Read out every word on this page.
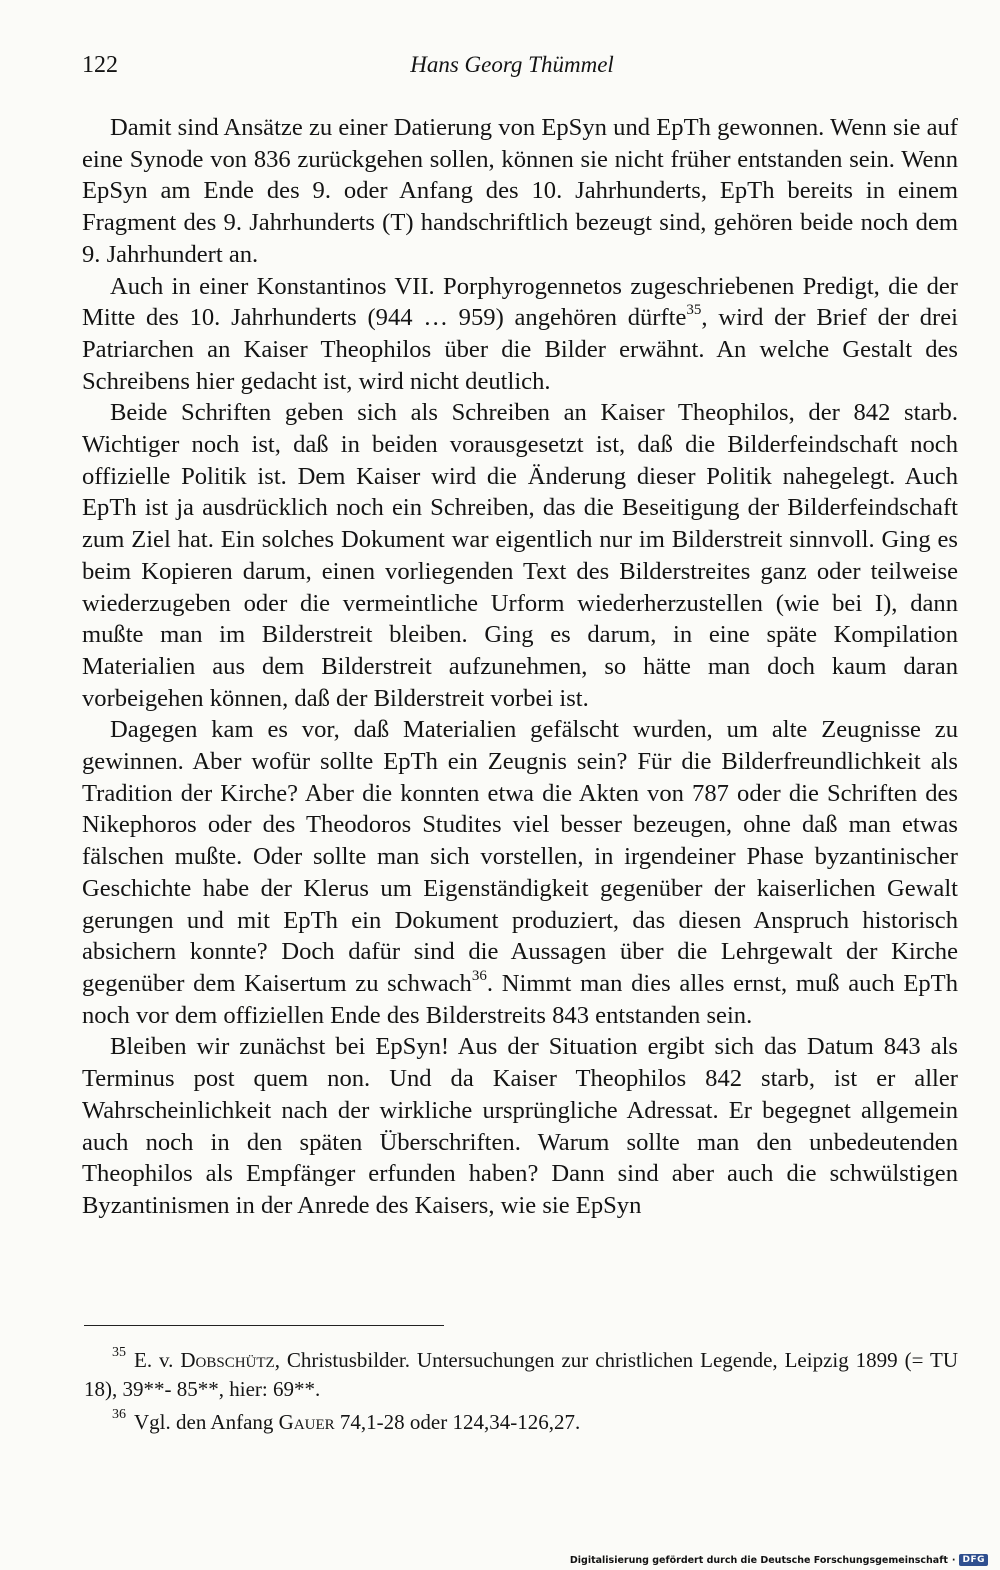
122	Hans Georg Thümmel

Damit sind Ansätze zu einer Datierung von EpSyn und EpTh gewonnen. Wenn sie auf eine Synode von 836 zurückgehen sollen, können sie nicht früher entstanden sein. Wenn EpSyn am Ende des 9. oder Anfang des 10. Jahrhunderts, EpTh bereits in einem Fragment des 9. Jahrhunderts (T) handschriftlich bezeugt sind, gehören beide noch dem 9. Jahrhundert an.

Auch in einer Konstantinos VII. Porphyrogennetos zugeschriebenen Predigt, die der Mitte des 10. Jahrhunderts (944 … 959) angehören dürfte$^{35}$, wird der Brief der drei Patriarchen an Kaiser Theophilos über die Bilder erwähnt. An welche Gestalt des Schreibens hier gedacht ist, wird nicht deutlich.

Beide Schriften geben sich als Schreiben an Kaiser Theophilos, der 842 starb. Wichtiger noch ist, daß in beiden vorausgesetzt ist, daß die Bilderfeindschaft noch offizielle Politik ist. Dem Kaiser wird die Änderung dieser Politik nahegelegt. Auch EpTh ist ja ausdrücklich noch ein Schreiben, das die Beseitigung der Bilderfeindschaft zum Ziel hat. Ein solches Dokument war eigentlich nur im Bilderstreit sinnvoll. Ging es beim Kopieren darum, einen vorliegenden Text des Bilderstreites ganz oder teilweise wiederzugeben oder die vermeintliche Urform wiederherzustellen (wie bei I), dann mußte man im Bilderstreit bleiben. Ging es darum, in eine späte Kompilation Materialien aus dem Bilderstreit aufzunehmen, so hätte man doch kaum daran vorbeigehen können, daß der Bilderstreit vorbei ist.

Dagegen kam es vor, daß Materialien gefälscht wurden, um alte Zeugnisse zu gewinnen. Aber wofür sollte EpTh ein Zeugnis sein? Für die Bilderfreundlichkeit als Tradition der Kirche? Aber die konnten etwa die Akten von 787 oder die Schriften des Nikephoros oder des Theodoros Studites viel besser bezeugen, ohne daß man etwas fälschen mußte. Oder sollte man sich vorstellen, in irgendeiner Phase byzantinischer Geschichte habe der Klerus um Eigenständigkeit gegenüber der kaiserlichen Gewalt gerungen und mit EpTh ein Dokument produziert, das diesen Anspruch historisch absichern konnte? Doch dafür sind die Aussagen über die Lehrgewalt der Kirche gegenüber dem Kaisertum zu schwach$^{36}$. Nimmt man dies alles ernst, muß auch EpTh noch vor dem offiziellen Ende des Bilderstreits 843 entstanden sein.

Bleiben wir zunächst bei EpSyn! Aus der Situation ergibt sich das Datum 843 als Terminus post quem non. Und da Kaiser Theophilos 842 starb, ist er aller Wahrscheinlichkeit nach der wirkliche ursprüngliche Adressat. Er begegnet allgemein auch noch in den späten Überschriften. Warum sollte man den unbedeutenden Theophilos als Empfänger erfunden haben? Dann sind aber auch die schwülstigen Byzantinismen in der Anrede des Kaisers, wie sie EpSyn

$^{35}$ E. v. Dobschütz, Christusbilder. Untersuchungen zur christlichen Legende, Leipzig 1899 (= TU 18), 39**- 85**, hier: 69**.

$^{36}$ Vgl. den Anfang Gauer 74,1-28 oder 124,34-126,27.

Digitalisierung gefördert durch die Deutsche Forschungsgemeinschaft · DFG
